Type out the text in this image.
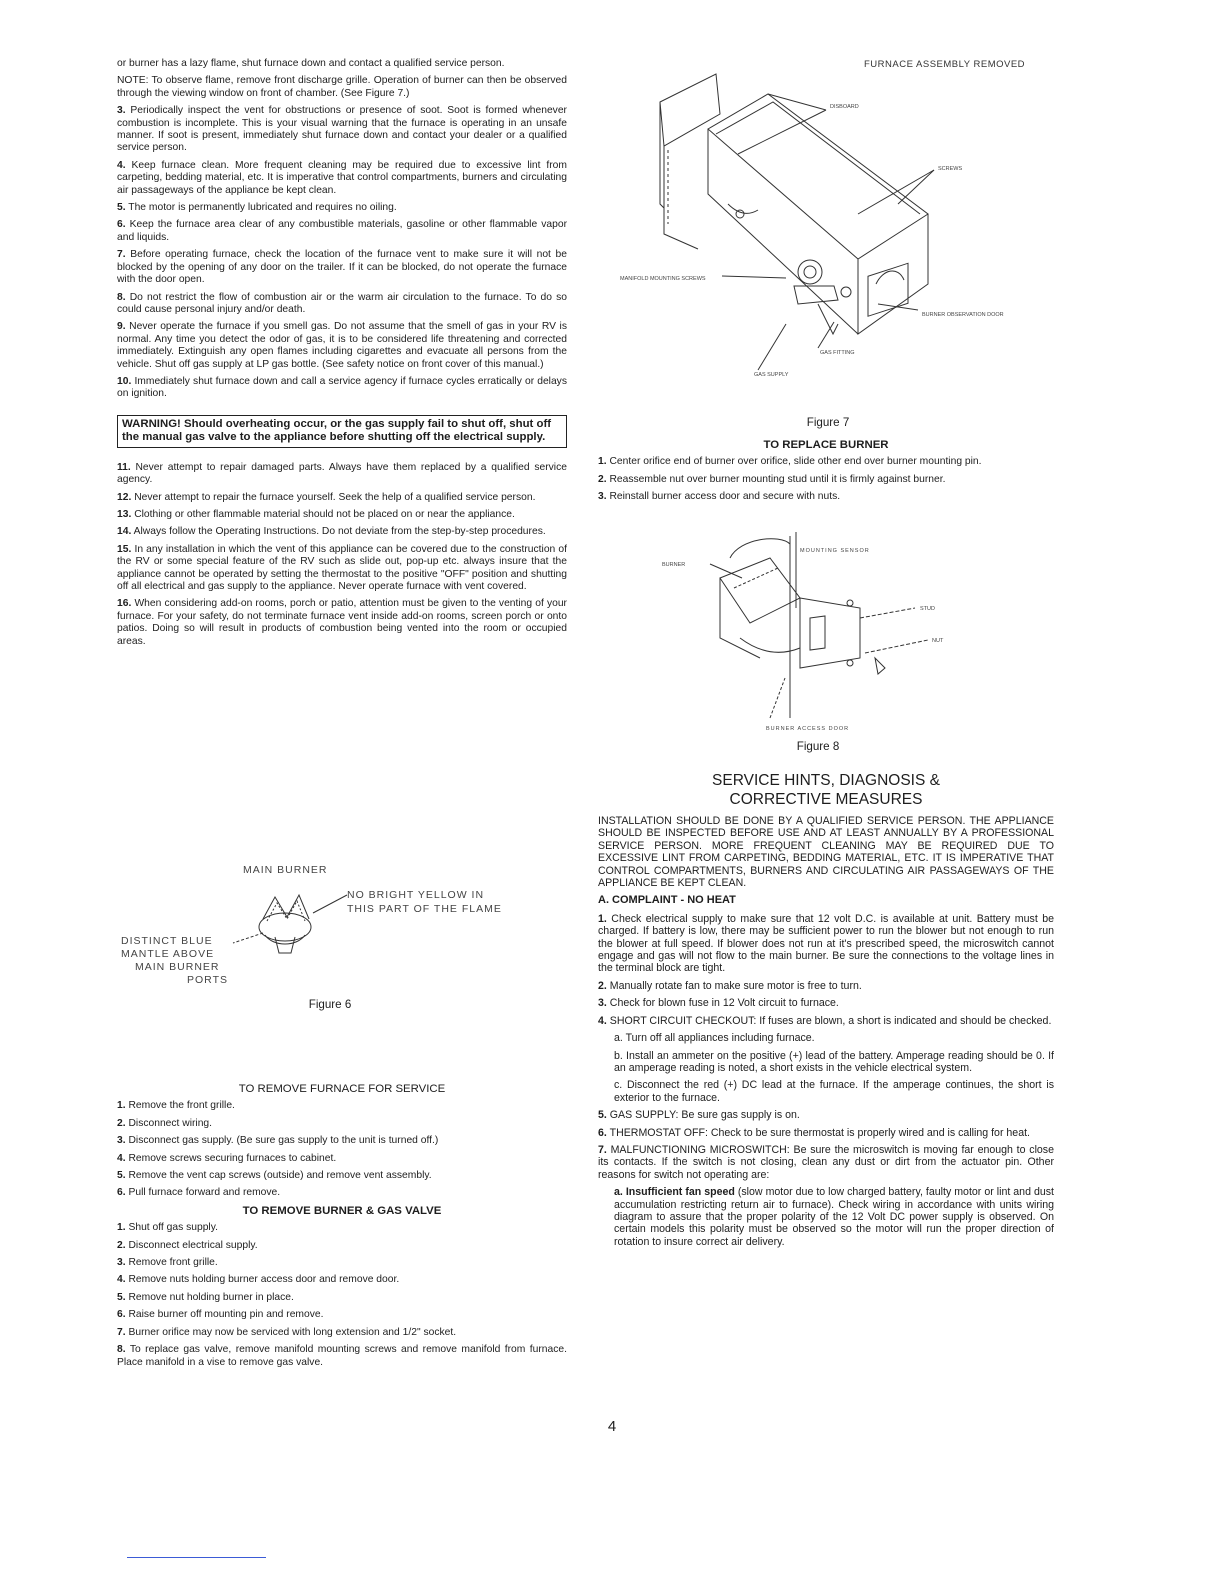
or burner has a lazy flame, shut furnace down and contact a qualified service person.

NOTE: To observe flame, remove front discharge grille. Operation of burner can then be observed through the viewing window on front of chamber. (See Figure 7.)

3. Periodically inspect the vent for obstructions or presence of soot. Soot is formed whenever combustion is incomplete. This is your visual warning that the furnace is operating in an unsafe manner. If soot is present, immediately shut furnace down and contact your dealer or a qualified service person.

4. Keep furnace clean. More frequent cleaning may be required due to excessive lint from carpeting, bedding material, etc. It is imperative that control compartments, burners and circulating air passageways of the appliance be kept clean.

5. The motor is permanently lubricated and requires no oiling.

6. Keep the furnace area clear of any combustible materials, gasoline or other flammable vapor and liquids.

7. Before operating furnace, check the location of the furnace vent to make sure it will not be blocked by the opening of any door on the trailer. If it can be blocked, do not operate the furnace with the door open.

8. Do not restrict the flow of combustion air or the warm air circulation to the furnace. To do so could cause personal injury and/or death.

9. Never operate the furnace if you smell gas. Do not assume that the smell of gas in your RV is normal. Any time you detect the odor of gas, it is to be considered life threatening and corrected immediately. Extinguish any open flames including cigarettes and evacuate all persons from the vehicle. Shut off gas supply at LP gas bottle. (See safety notice on front cover of this manual.)

10. Immediately shut furnace down and call a service agency if furnace cycles erratically or delays on ignition.

WARNING! Should overheating occur, or the gas supply fail to shut off, shut off the manual gas valve to the appliance before shutting off the electrical supply.

11. Never attempt to repair damaged parts. Always have them replaced by a qualified service agency.

12. Never attempt to repair the furnace yourself. Seek the help of a qualified service person.

13. Clothing or other flammable material should not be placed on or near the appliance.

14. Always follow the Operating Instructions. Do not deviate from the step-by-step procedures.

15. In any installation in which the vent of this appliance can be covered due to the construction of the RV or some special feature of the RV such as slide out, pop-up etc. always insure that the appliance cannot be operated by setting the thermostat to the positive "OFF" position and shutting off all electrical and gas supply to the appliance. Never operate furnace with vent covered.

16. When considering add-on rooms, porch or patio, attention must be given to the venting of your furnace. For your safety, do not terminate furnace vent inside add-on rooms, screen porch or onto patios. Doing so will result in products of combustion being vented into the room or occupied areas.

MAIN BURNER
NO BRIGHT YELLOW IN
THIS PART OF THE FLAME
DISTINCT BLUE
MANTLE ABOVE
MAIN BURNER
PORTS
Figure 6
TO REMOVE FURNACE FOR SERVICE

1. Remove the front grille.

2. Disconnect wiring.

3. Disconnect gas supply. (Be sure gas supply to the unit is turned off.)

4. Remove screws securing furnaces to cabinet.

5. Remove the vent cap screws (outside) and remove vent assembly.

6. Pull furnace forward and remove.

TO REMOVE BURNER & GAS VALVE

1. Shut off gas supply.

2. Disconnect electrical supply.

3. Remove front grille.

4. Remove nuts holding burner access door and remove door.

5. Remove nut holding burner in place.

6. Raise burner off mounting pin and remove.

7. Burner orifice may now be serviced with long extension and 1/2" socket.

8. To replace gas valve, remove manifold mounting screws and remove manifold from furnace. Place manifold in a vise to remove gas valve.

FURNACE ASSEMBLY REMOVED
DISBOARD
SCREWS
MANIFOLD MOUNTING SCREWS
BURNER OBSERVATION DOOR
GAS FITTING
GAS SUPPLY
Figure 7
TO REPLACE BURNER

1. Center orifice end of burner over orifice, slide other end over burner mounting pin.

2. Reassemble nut over burner mounting stud until it is firmly against burner.

3. Reinstall burner access door and secure with nuts.

MOUNTING SENSOR
BURNER
STUD
NUT
BURNER ACCESS DOOR
Figure 8
SERVICE HINTS, DIAGNOSIS &
CORRECTIVE MEASURES

INSTALLATION SHOULD BE DONE BY A QUALIFIED SERVICE PERSON. THE APPLIANCE SHOULD BE INSPECTED BEFORE USE AND AT LEAST ANNUALLY BY A PROFESSIONAL SERVICE PERSON. MORE FREQUENT CLEANING MAY BE REQUIRED DUE TO EXCESSIVE LINT FROM CARPETING, BEDDING MATERIAL, ETC. IT IS IMPERATIVE THAT CONTROL COMPARTMENTS, BURNERS AND CIRCULATING AIR PASSAGEWAYS OF THE APPLIANCE BE KEPT CLEAN.

A. COMPLAINT - NO HEAT

1. Check electrical supply to make sure that 12 volt D.C. is available at unit. Battery must be charged. If battery is low, there may be sufficient power to run the blower but not enough to run the blower at full speed. If blower does not run at it's prescribed speed, the microswitch cannot engage and gas will not flow to the main burner. Be sure the connections to the voltage lines in the terminal block are tight.

2. Manually rotate fan to make sure motor is free to turn.

3. Check for blown fuse in 12 Volt circuit to furnace.

4. SHORT CIRCUIT CHECKOUT: If fuses are blown, a short is indicated and should be checked.

a. Turn off all appliances including furnace.

b. Install an ammeter on the positive (+) lead of the battery. Amperage reading should be 0. If an amperage reading is noted, a short exists in the vehicle electrical system.

c. Disconnect the red (+) DC lead at the furnace. If the amperage continues, the short is exterior to the furnace.

5. GAS SUPPLY: Be sure gas supply is on.

6. THERMOSTAT OFF: Check to be sure thermostat is properly wired and is calling for heat.

7. MALFUNCTIONING MICROSWITCH: Be sure the microswitch is moving far enough to close its contacts. If the switch is not closing, clean any dust or dirt from the actuator pin. Other reasons for switch not operating are:

a. Insufficient fan speed (slow motor due to low charged battery, faulty motor or lint and dust accumulation restricting return air to furnace). Check wiring in accordance with units wiring diagram to assure that the proper polarity of the 12 Volt DC power supply is observed. On certain models this polarity must be observed so the motor will run the proper direction of rotation to insure correct air delivery.

4
